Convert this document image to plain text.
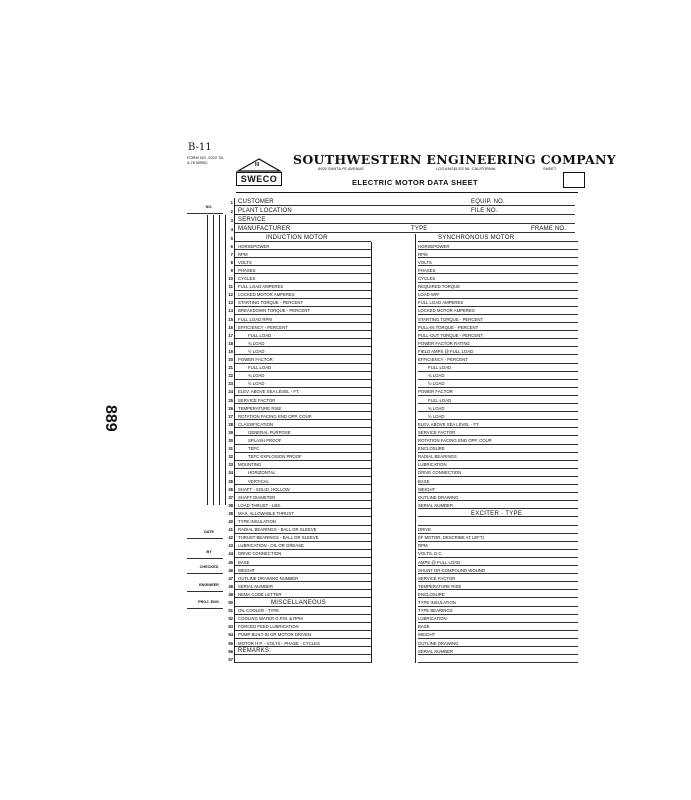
B-11
FORM NO. 2022 78-4-76 MRBC	III
SWECO
SOUTHWESTERN ENGINEERING COMPANY
6920 SANTA FE AVENUE	LOS ANGELES 58, CALIFORNIA	SHEET
ELECTRIC MOTOR DATA SHEET
889
NO.
DATE
BY
CHECKED
ENGINEER
PROJ. ENG.
1 CUSTOMER	EQUIP. NO.
2 PLANT LOCATION	FILE NO.
3 SERVICE
4 MANUFACTURER	TYPE	FRAME NO.
INDUCTION MOTOR	SYNCHRONOUS MOTOR
5
6 HORSEPOWER	HORSEPOWER
7 RPM	RPM
8 VOLTS	VOLTS
9 PHASES	PHASES
10 CYCLES	CYCLES
11 FULL LOAD AMPERES	REQUIRED TORQUE
12 LOCKED MOTOR AMPERES	LOAD WR²
13 STARTING TORQUE - PERCENT	FULL LOAD AMPERES
14 BREAKDOWN TORQUE - PERCENT	LOCKED MOTOR AMPERES
15 FULL LOAD RPM	STARTING TORQUE - PERCENT
16 EFFICIENCY - PERCENT	PULL-IN TORQUE - PERCENT
17	FULL LOAD	PULL-OUT TORQUE - PERCENT
18	¾ LOAD	POWER FACTOR RATING
19	½ LOAD	FIELD AMPS @ FULL LOAD
20 POWER FACTOR	EFFICIENCY - PERCENT
21	FULL LOAD	FULL LOAD
22	¾ LOAD	¾ LOAD
23	½ LOAD	½ LOAD
24 ELEV. ABOVE SEA LEVEL - FT.	POWER FACTOR
25 SERVICE FACTOR	FULL LOAD
26 TEMPERATURE RISE	¾ LOAD
27 ROTATION FACING END OPP. COUP.	½ LOAD
28 CLASSIFICATION	ELEV. ABOVE SEA LEVEL - FT.
29	GENERAL PURPOSE	SERVICE FACTOR
30	SPLASH PROOF	ROTATION FACING END OPP. COUP.
31	TEFC	ENCLOSURE
32	TEFC EXPLOSION PROOF	RADIAL BEARINGS
33 MOUNTING	LUBRICATION
34	HORIZONTAL	DRIVE CONNECTION
35	VERTICAL	BASE
36 SHAFT - SOLID, HOLLOW	WEIGHT
37 SHAFT DIAMETER	OUTLINE DRAWING
38 LOAD THRUST - LBS.	SERIAL NUMBER
39 MAX. ALLOWABLE THRUST	EXCITER - TYPE
40 TYPE INSULATION
41 RADIAL BEARINGS - BALL OR SLEEVE	DRIVE
42 THRUST BEARINGS - BALL OR SLEEVE	(IF MOTOR, DESCRIBE AT LEFT)
43 LUBRICATION - OIL OR GREASE	RPM
44 DRIVE CONNECTION	VOLTS, D.C.
45 BASE	AMPS @ FULL LOAD
46 WEIGHT	SHUNT OR COMPOUND WOUND
47 OUTLINE DRAWING NUMBER	SERVICE FACTOR
48 SERIAL NUMBER	TEMPERATURE RISE
49 NEMA CODE LETTER	ENCLOSURE
50	MISCELLANEOUS	TYPE INSULATION
51 OIL COOLER - TYPE	TYPE BEARINGS
52 COOLING WATER G.P.M. & RPM	LUBRICATION
53 FORCED FEED LUBRICATION	BASE
54 PUMP BUILT-IN OR MOTOR DRIVEN	WEIGHT
55 MOTOR H.P. - VOLTS - PHASE - CYCLES	OUTLINE DRAWING
56 REMARKS:	SERIAL NUMBER
57
